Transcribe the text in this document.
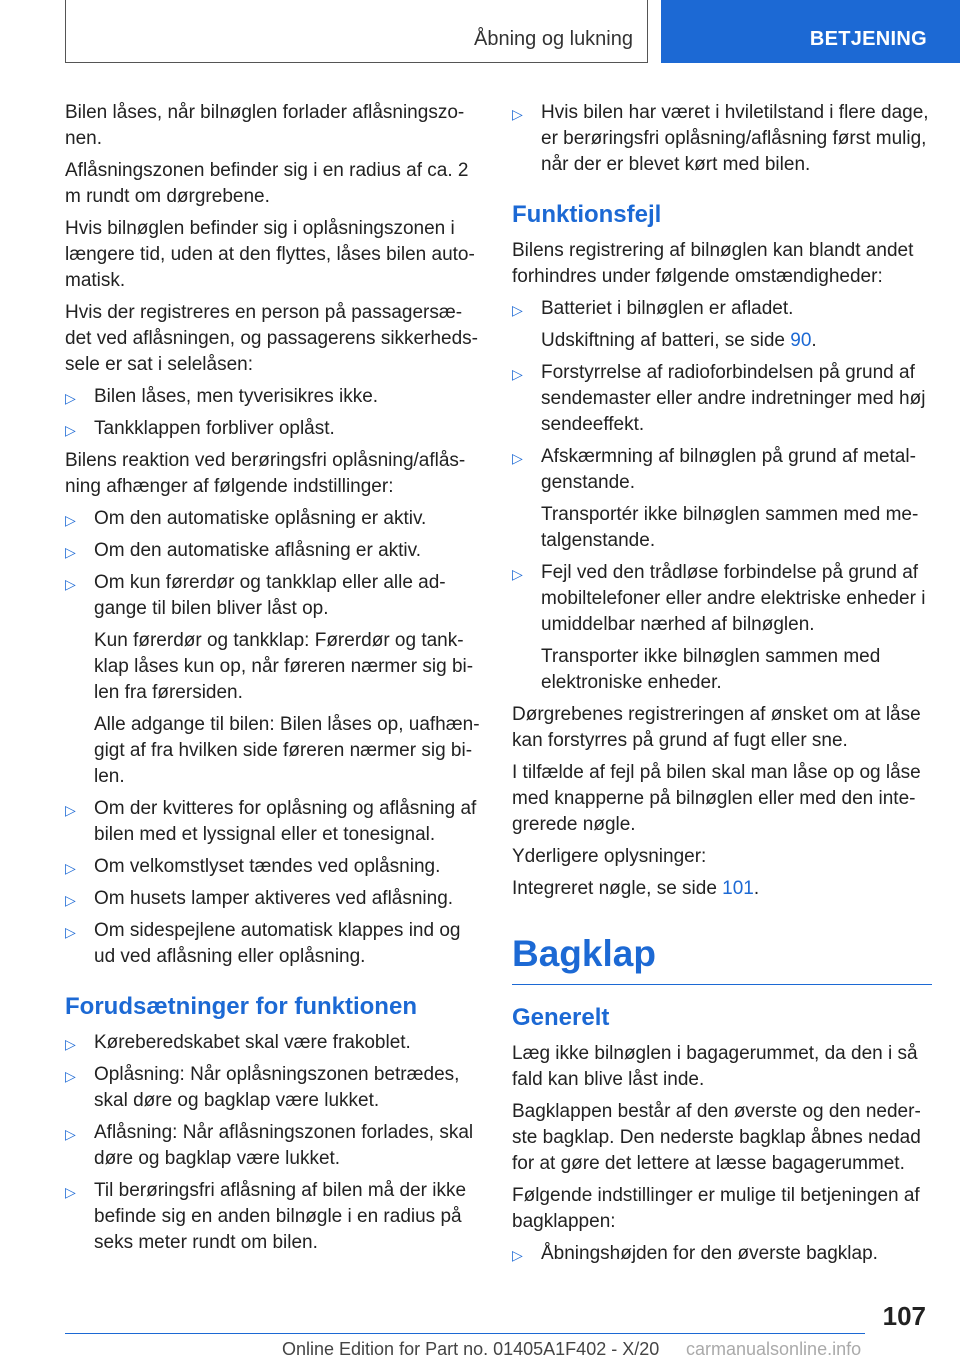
Åbning og lukning	BETJENING

Bilen låses, når bilnøglen forlader aflåsningszo-nen.

Aflåsningszonen befinder sig i en radius af ca. 2 m rundt om dørgrebene.

Hvis bilnøglen befinder sig i oplåsningszonen i længere tid, uden at den flyttes, låses bilen auto-matisk.

Hvis der registreres en person på passagersæ-det ved aflåsningen, og passagerens sikkerheds-sele er sat i selelåsen:

▷ Bilen låses, men tyverisikres ikke.
▷ Tankklappen forbliver oplåst.

Bilens reaktion ved berøringsfri oplåsning/aflås-ning afhænger af følgende indstillinger:

▷ Om den automatiske oplåsning er aktiv.
▷ Om den automatiske aflåsning er aktiv.
▷ Om kun førerdør og tankklap eller alle ad-gange til bilen bliver låst op.

Kun førerdør og tankklap: Førerdør og tank-klap låses kun op, når føreren nærmer sig bi-len fra førersiden.

Alle adgange til bilen: Bilen låses op, uafhæn-gigt af fra hvilken side føreren nærmer sig bi-len.

▷ Om der kvitteres for oplåsning og aflåsning af bilen med et lyssignal eller et tonesignal.
▷ Om velkomstlyset tændes ved oplåsning.
▷ Om husets lamper aktiveres ved aflåsning.
▷ Om sidespejlene automatisk klappes ind og ud ved aflåsning eller oplåsning.
Forudsætninger for funktionen
▷ Køreberedskabet skal være frakoblet.
▷ Oplåsning: Når oplåsningszonen betrædes, skal døre og bagklap være lukket.
▷ Aflåsning: Når aflåsningszonen forlades, skal døre og bagklap være lukket.
▷ Til berøringsfri aflåsning af bilen må der ikke befinde sig en anden bilnøgle i en radius på seks meter rundt om bilen.
▷ Hvis bilen har været i hviletilstand i flere dage, er berøringsfri oplåsning/aflåsning først mulig, når der er blevet kørt med bilen.
Funktionsfejl

Bilens registrering af bilnøglen kan blandt andet forhindres under følgende omstændigheder:

▷ Batteriet i bilnøglen er afladet.

Udskiftning af batteri, se side 90.

▷ Forstyrrelse af radioforbindelsen på grund af sendemaster eller andre indretninger med høj sendeeffekt.
▷ Afskærmning af bilnøglen på grund af metal-genstande.

Transportér ikke bilnøglen sammen med me-talgenstande.

▷ Fejl ved den trådløse forbindelse på grund af mobiltelefoner eller andre elektriske enheder i umiddelbar nærhed af bilnøglen.

Transporter ikke bilnøglen sammen med elektroniske enheder.

Dørgrebenes registreringen af ønsket om at låse kan forstyrres på grund af fugt eller sne.

I tilfælde af fejl på bilen skal man låse op og låse med knapperne på bilnøglen eller med den inte-grerede nøgle.

Yderligere oplysninger:

Integreret nøgle, se side 101.

Bagklap
Generelt

Læg ikke bilnøglen i bagagerummet, da den i så fald kan blive låst inde.

Bagklappen består af den øverste og den neder-ste bagklap. Den nederste bagklap åbnes nedad for at gøre det lettere at læsse bagagerummet.

Følgende indstillinger er mulige til betjeningen af bagklappen:

▷ Åbningshøjden for den øverste bagklap.
107
Online Edition for Part no. 01405A1F402 - X/20 carmanualsonline.info
